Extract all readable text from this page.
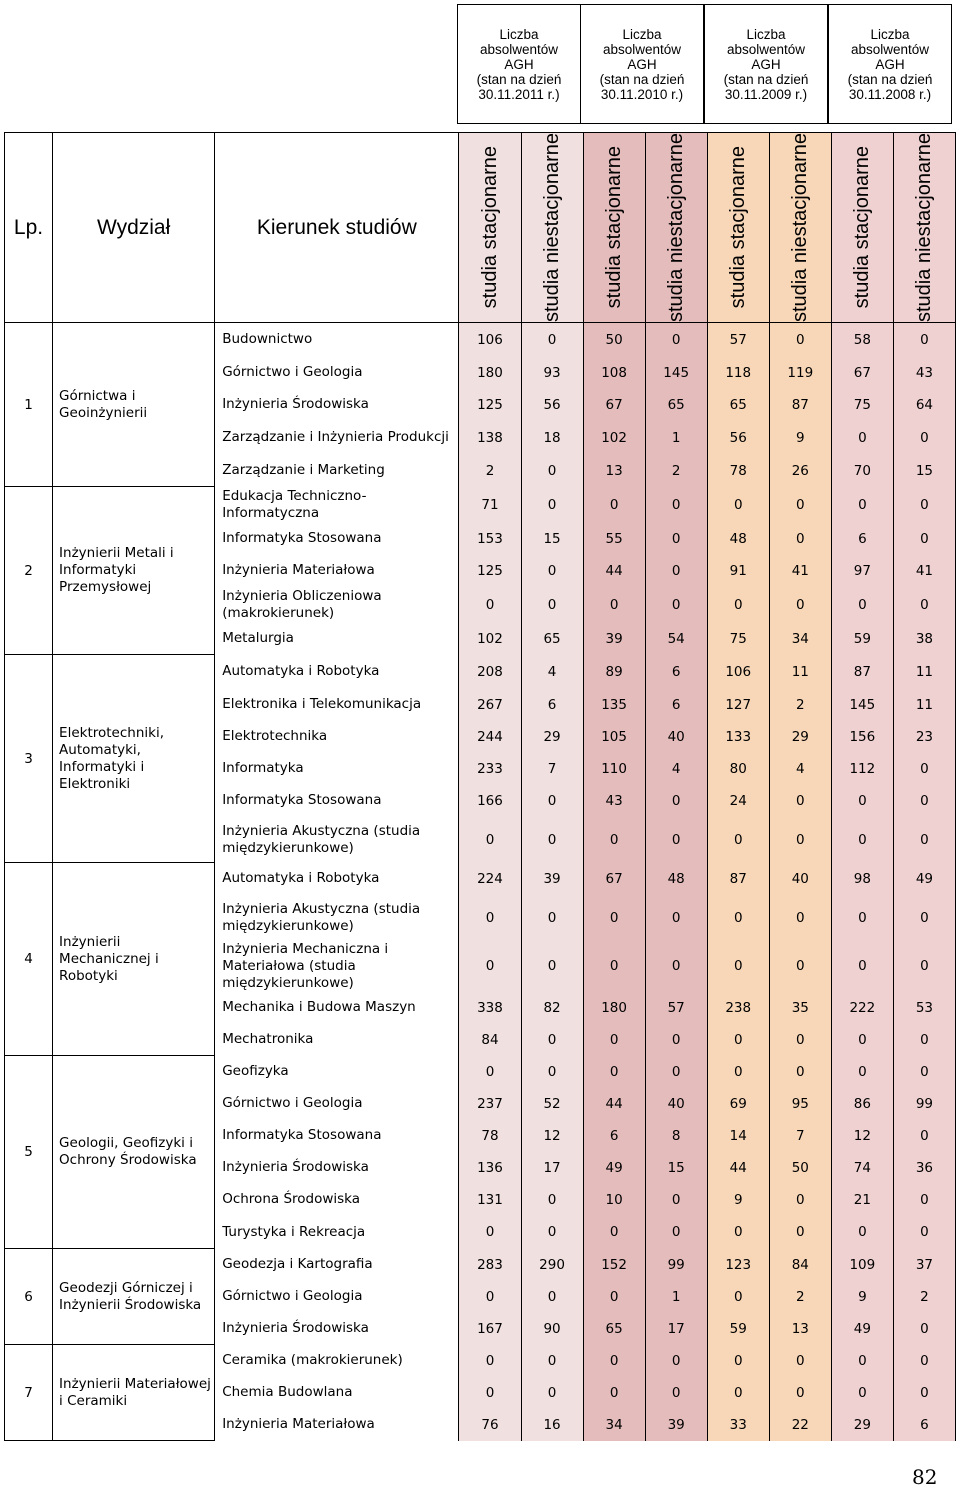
Liczba
absolwentów
AGH
(stan na dzień
30.11.2011 r.)
Liczba
absolwentów
AGH
(stan na dzień
30.11.2010 r.)
Liczba
absolwentów
AGH
(stan na dzień
30.11.2009 r.)
Liczba
absolwentów
AGH
(stan na dzień
30.11.2008 r.)
Lp.	Wydział	Kierunek studiów	studia stacjonarne	studia niestacjonarne	studia stacjonarne	studia niestacjonarne	studia stacjonarne	studia niestacjonarne	studia stacjonarne	studia niestacjonarne

1	Górnictwa i Geoinżynierii	Budownictwo	106	0	50	0	57	0	58	0
		Górnictwo i Geologia	180	93	108	145	118	119	67	43
		Inżynieria Środowiska	125	56	67	65	65	87	75	64
		Zarządzanie i Inżynieria Produkcji	138	18	102	1	56	9	0	0
		Zarządzanie i Marketing	2	0	13	2	78	26	70	15
2	Inżynierii Metali i Informatyki Przemysłowej	Edukacja Techniczno-Informatyczna	71	0	0	0	0	0	0	0
		Informatyka Stosowana	153	15	55	0	48	0	6	0
		Inżynieria Materiałowa	125	0	44	0	91	41	97	41
		Inżynieria Obliczeniowa (makrokierunek)	0	0	0	0	0	0	0	0
		Metalurgia	102	65	39	54	75	34	59	38
3	Elektrotechniki, Automatyki, Informatyki i Elektroniki	Automatyka i Robotyka	208	4	89	6	106	11	87	11
		Elektronika i Telekomunikacja	267	6	135	6	127	2	145	11
		Elektrotechnika	244	29	105	40	133	29	156	23
		Informatyka	233	7	110	4	80	4	112	0
		Informatyka Stosowana	166	0	43	0	24	0	0	0
		Inżynieria Akustyczna (studia międzykierunkowe)	0	0	0	0	0	0	0	0
4	Inżynierii Mechanicznej i Robotyki	Automatyka i Robotyka	224	39	67	48	87	40	98	49
		Inżynieria Akustyczna (studia międzykierunkowe)	0	0	0	0	0	0	0	0
		Inżynieria Mechaniczna i Materiałowa (studia międzykierunkowe)	0	0	0	0	0	0	0	0
		Mechanika i Budowa Maszyn	338	82	180	57	238	35	222	53
		Mechatronika	84	0	0	0	0	0	0	0
5	Geologii, Geofizyki i Ochrony Środowiska	Geofizyka	0	0	0	0	0	0	0	0
		Górnictwo i Geologia	237	52	44	40	69	95	86	99
		Informatyka Stosowana	78	12	6	8	14	7	12	0
		Inżynieria Środowiska	136	17	49	15	44	50	74	36
		Ochrona Środowiska	131	0	10	0	9	0	21	0
		Turystyka i Rekreacja	0	0	0	0	0	0	0	0
6	Geodezji Górniczej i Inżynierii Środowiska	Geodezja i Kartografia	283	290	152	99	123	84	109	37
		Górnictwo i Geologia	0	0	0	1	0	2	9	2
		Inżynieria Środowiska	167	90	65	17	59	13	49	0
7	Inżynierii Materiałowej i Ceramiki	Ceramika (makrokierunek)	0	0	0	0	0	0	0	0
		Chemia Budowlana	0	0	0	0	0	0	0	0
		Inżynieria Materiałowa	76	16	34	39	33	22	29	6
82
